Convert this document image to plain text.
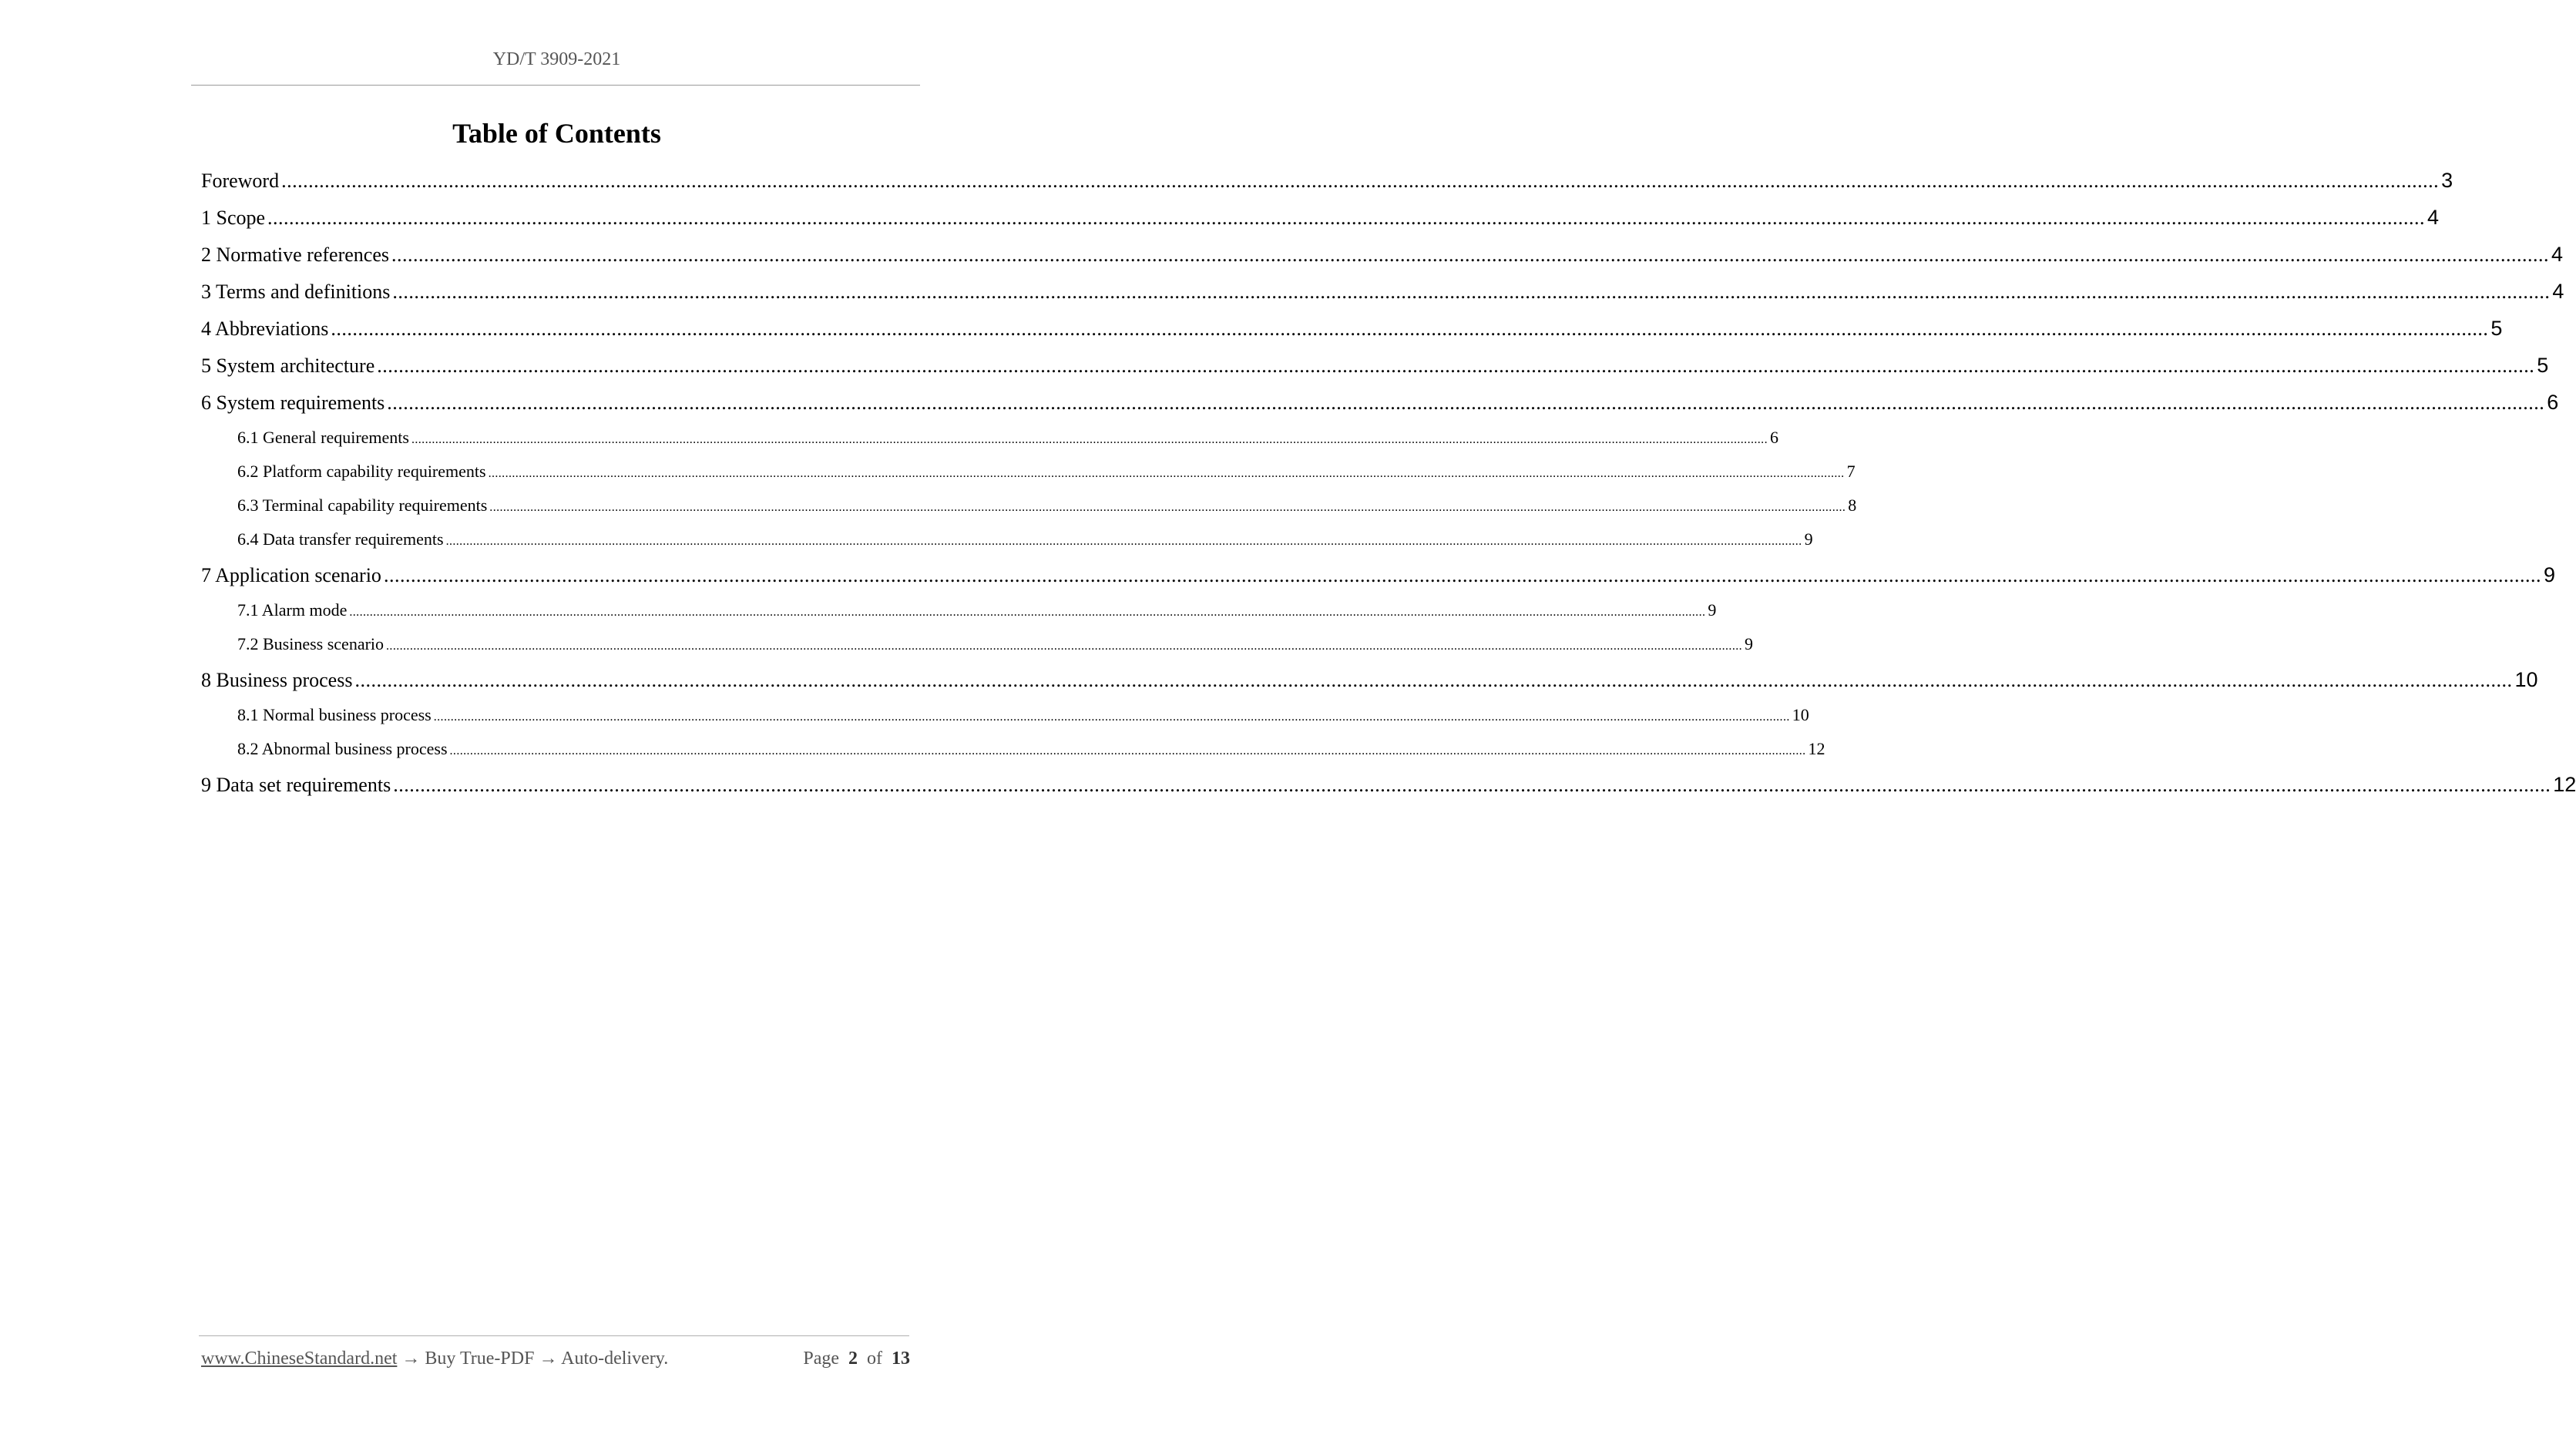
YD/T 3909-2021
Table of Contents
Foreword ................................................................................................................................................................................................................................................................................................................................................................................................................ 3
1 Scope ................................................................................................................................................................................................................................................................................................................................................................................................................ 4
2 Normative references ................................................................................................................................................................................................................................................................................................................................................................................................................ 4
3 Terms and definitions ................................................................................................................................................................................................................................................................................................................................................................................................................ 4
4 Abbreviations ................................................................................................................................................................................................................................................................................................................................................................................................................ 5
5 System architecture ................................................................................................................................................................................................................................................................................................................................................................................................................ 5
6 System requirements ................................................................................................................................................................................................................................................................................................................................................................................................................ 6
6.1 General requirements ................................................................................................................................................................................................................................................................................................................................................................................................................ 6
6.2 Platform capability requirements ................................................................................................................................................................................................................................................................................................................................................................................................................ 7
6.3 Terminal capability requirements ................................................................................................................................................................................................................................................................................................................................................................................................................ 8
6.4 Data transfer requirements ................................................................................................................................................................................................................................................................................................................................................................................................................ 9
7 Application scenario ................................................................................................................................................................................................................................................................................................................................................................................................................ 9
7.1 Alarm mode ................................................................................................................................................................................................................................................................................................................................................................................................................ 9
7.2 Business scenario ................................................................................................................................................................................................................................................................................................................................................................................................................ 9
8 Business process ................................................................................................................................................................................................................................................................................................................................................................................................................ 10
8.1 Normal business process ................................................................................................................................................................................................................................................................................................................................................................................................................ 10
8.2 Abnormal business process ................................................................................................................................................................................................................................................................................................................................................................................................................ 12
9 Data set requirements ................................................................................................................................................................................................................................................................................................................................................................................................................ 12
www.ChineseStandard.net → Buy True-PDF → Auto-delivery.	Page 2 of 13
